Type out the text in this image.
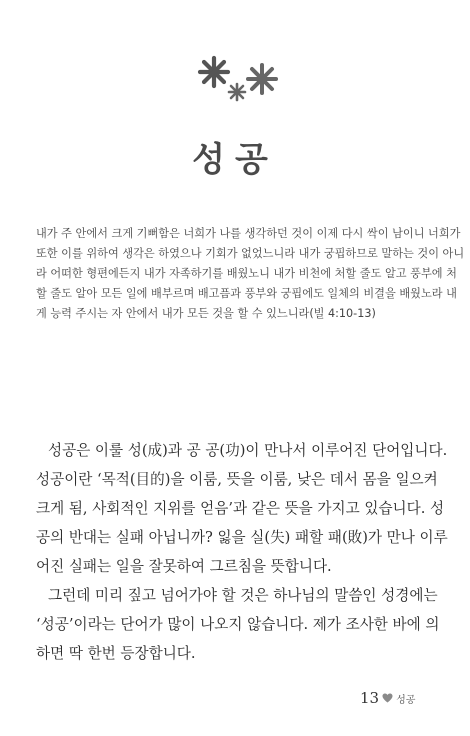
성공
내가 주 안에서 크게 기뻐함은 너희가 나를 생각하던 것이 이제 다시 싹이 남이니 너희가
또한 이를 위하여 생각은 하였으나 기회가 없었느니라 내가 궁핍하므로 말하는 것이 아니
라 어떠한 형편에든지 내가 자족하기를 배웠노니 내가 비천에 처할 줄도 알고 풍부에 처
할 줄도 알아 모든 일에 배부르며 배고픔과 풍부와 궁핍에도 일체의 비결을 배웠노라 내
게 능력 주시는 자 안에서 내가 모든 것을 할 수 있느니라(빌 4:10-13)

성공은 이룰 성(成)과 공 공(功)이 만나서 이루어진 단어입니다.
성공이란 ‘목적(目的)을 이룸, 뜻을 이룸, 낮은 데서 몸을 일으켜
크게 됨, 사회적인 지위를 얻음’과 같은 뜻을 가지고 있습니다. 성
공의 반대는 실패 아닙니까? 잃을 실(失) 패할 패(敗)가 만나 이루
어진 실패는 일을 잘못하여 그르침을 뜻합니다.

그런데 미리 짚고 넘어가야 할 것은 하나님의 말씀인 성경에는
‘성공’이라는 단어가 많이 나오지 않습니다. 제가 조사한 바에 의
하면 딱 한번 등장합니다.

13 성공
